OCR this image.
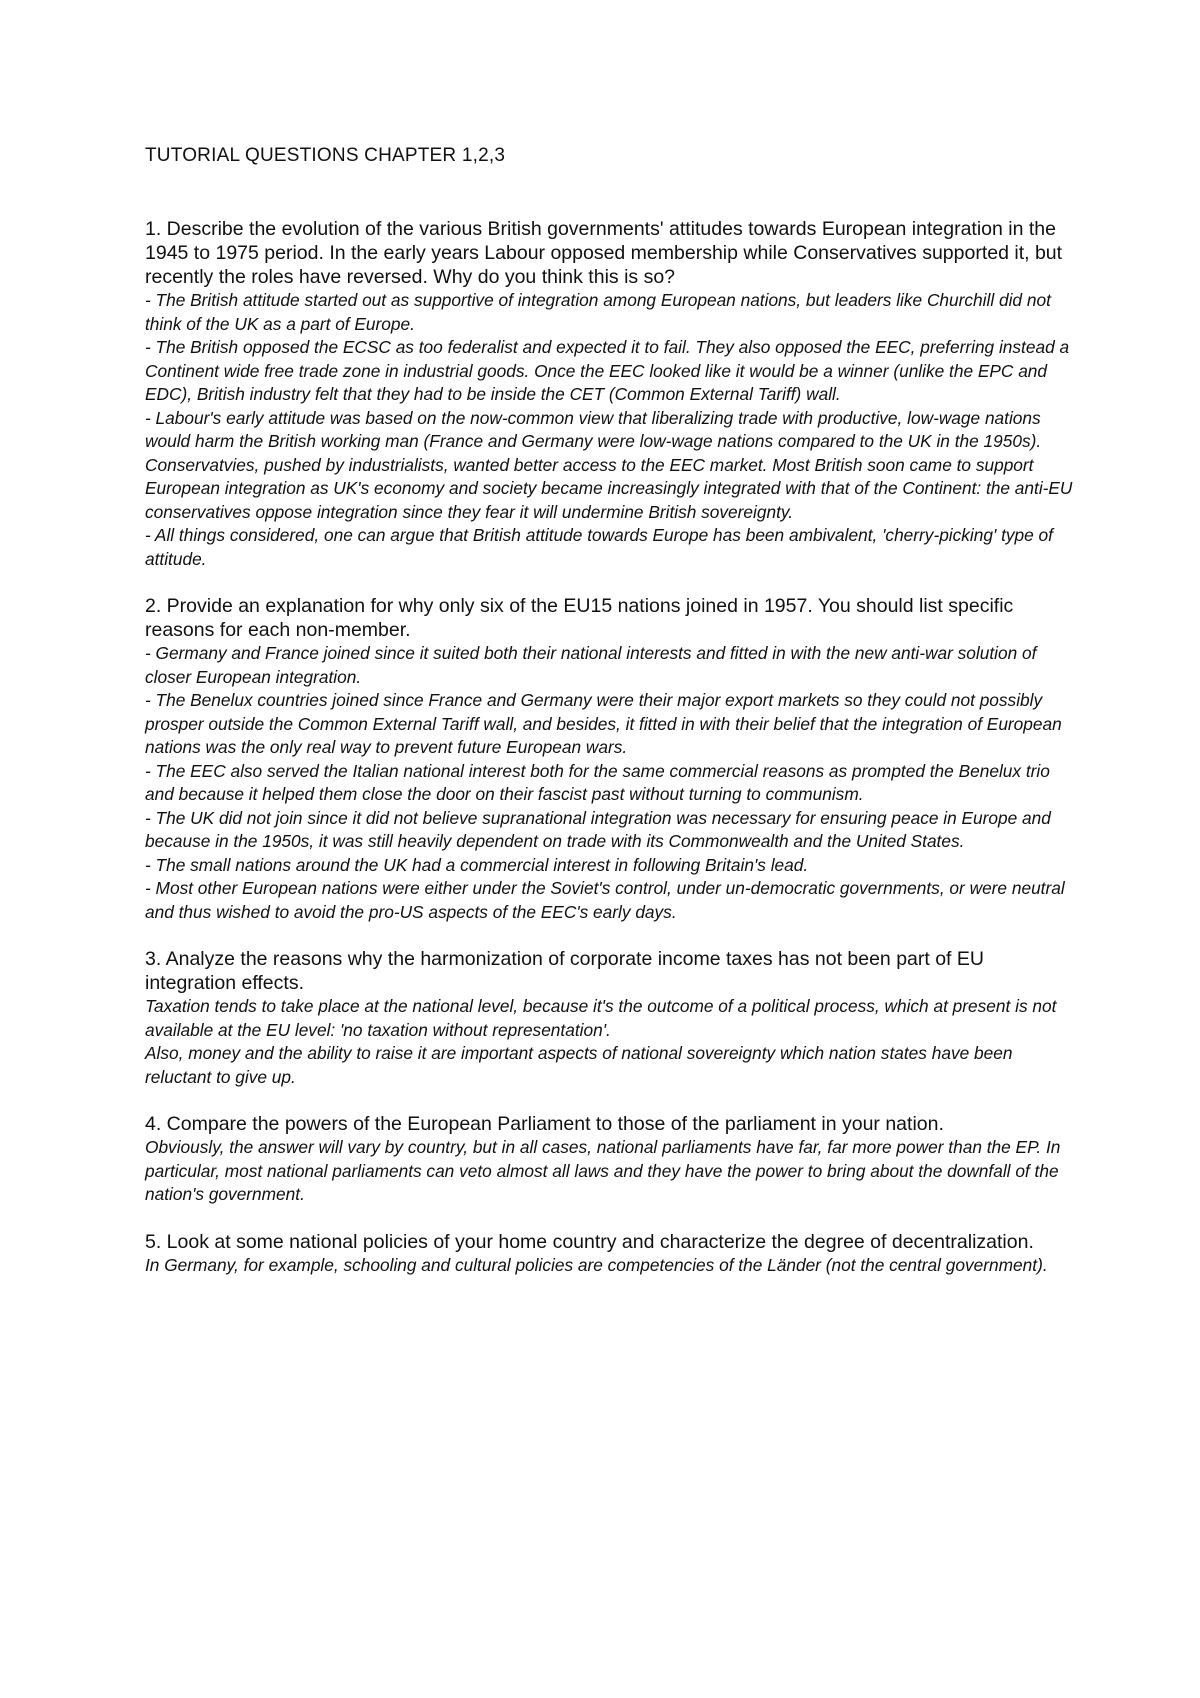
TUTORIAL QUESTIONS CHAPTER 1,2,3

1. Describe the evolution of the various British governments' attitudes towards European integration in the 1945 to 1975 period. In the early years Labour opposed membership while Conservatives supported it, but recently the roles have reversed. Why do you think this is so?

- The British attitude started out as supportive of integration among European nations, but leaders like Churchill did not think of the UK as a part of Europe.

- The British opposed the ECSC as too federalist and expected it to fail. They also opposed the EEC, preferring instead a Continent wide free trade zone in industrial goods. Once the EEC looked like it would be a winner (unlike the EPC and EDC), British industry felt that they had to be inside the CET (Common External Tariff) wall.

- Labour's early attitude was based on the now-common view that liberalizing trade with productive, low-wage nations would harm the British working man (France and Germany were low-wage nations compared to the UK in the 1950s).

Conservatvies, pushed by industrialists, wanted better access to the EEC market. Most British soon came to support European integration as UK's economy and society became increasingly integrated with that of the Continent: the anti-EU conservatives oppose integration since they fear it will undermine British sovereignty.

- All things considered, one can argue that British attitude towards Europe has been ambivalent, 'cherry-picking' type of attitude.

2. Provide an explanation for why only six of the EU15 nations joined in 1957. You should list specific reasons for each non-member.

- Germany and France joined since it suited both their national interests and fitted in with the new anti-war solution of closer European integration.

- The Benelux countries joined since France and Germany were their major export markets so they could not possibly prosper outside the Common External Tariff wall, and besides, it fitted in with their belief that the integration of European nations was the only real way to prevent future European wars.

- The EEC also served the Italian national interest both for the same commercial reasons as prompted the Benelux trio and because it helped them close the door on their fascist past without turning to communism.

- The UK did not join since it did not believe supranational integration was necessary for ensuring peace in Europe and because in the 1950s, it was still heavily dependent on trade with its Commonwealth and the United States.

- The small nations around the UK had a commercial interest in following Britain's lead.

- Most other European nations were either under the Soviet's control, under un-democratic governments, or were neutral and thus wished to avoid the pro-US aspects of the EEC's early days.

3. Analyze the reasons why the harmonization of corporate income taxes has not been part of EU integration effects.

Taxation tends to take place at the national level, because it's the outcome of a political process, which at present is not available at the EU level: 'no taxation without representation'.

Also, money and the ability to raise it are important aspects of national sovereignty which nation states have been reluctant to give up.

4. Compare the powers of the European Parliament to those of the parliament in your nation.

Obviously, the answer will vary by country, but in all cases, national parliaments have far, far more power than the EP. In particular, most national parliaments can veto almost all laws and they have the power to bring about the downfall of the nation's government.

5. Look at some national policies of your home country and characterize the degree of decentralization.

In Germany, for example, schooling and cultural policies are competencies of the Länder (not the central government).
